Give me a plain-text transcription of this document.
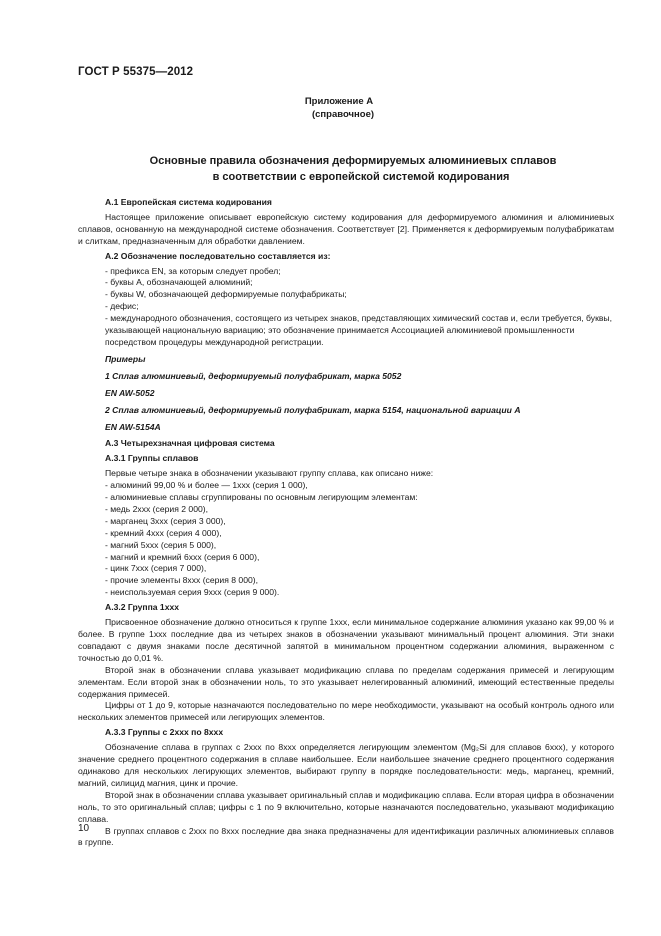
ГОСТ Р 55375—2012
Приложение А
(справочное)
Основные правила обозначения деформируемых алюминиевых сплавов
в соответствии с европейской системой кодирования

А.1 Европейская система кодирования

Настоящее приложение описывает европейскую систему кодирования для деформируемого алюминия и алюминиевых сплавов, основанную на международной системе обозначения. Соответствует [2]. Применяется к деформируемым полуфабрикатам и слиткам, предназначенным для обработки давлением.

А.2 Обозначение последовательно составляется из:

- префикса EN, за которым следует пробел;

- буквы А, обозначающей алюминий;

- буквы W, обозначающей деформируемые полуфабрикаты;

- дефис;

- международного обозначения, состоящего из четырех знаков, представляющих химический состав и, если требуется, буквы, указывающей национальную вариацию; это обозначение принимается Ассоциацией алюминиевой промышленности посредством процедуры международной регистрации.

Примеры

1 Сплав алюминиевый, деформируемый полуфабрикат, марка 5052

EN AW-5052

2 Сплав алюминиевый, деформируемый полуфабрикат, марка 5154, национальной вариации А

EN AW-5154A

А.3 Четырехзначная цифровая система

А.3.1 Группы сплавов

Первые четыре знака в обозначении указывают группу сплава, как описано ниже:

- алюминий 99,00 % и более — 1ххх (серия 1 000),

- алюминиевые сплавы сгруппированы по основным легирующим элементам:

- медь 2ххх (серия 2 000),

- марганец 3ххх (серия 3 000),

- кремний 4ххх (серия 4 000),

- магний 5ххх (серия 5 000),

- магний и кремний 6ххх (серия 6 000),

- цинк 7ххх (серия 7 000),

- прочие элементы 8ххх (серия 8 000),

- неиспользуемая серия 9ххх (серия 9 000).

А.3.2 Группа 1ххх

Присвоенное обозначение должно относиться к группе 1ххх, если минимальное содержание алюминия указано как 99,00 % и более. В группе 1ххх последние два из четырех знаков в обозначении указывают минимальный процент алюминия. Эти знаки совпадают с двумя знаками после десятичной запятой в минимальном процентном содержании алюминия, выраженном с точностью до 0,01 %.

Второй знак в обозначении сплава указывает модификацию сплава по пределам содержания примесей и легирующим элементам. Если второй знак в обозначении ноль, то это указывает нелегированный алюминий, имеющий естественные пределы содержания примесей.

Цифры от 1 до 9, которые назначаются последовательно по мере необходимости, указывают на особый контроль одного или нескольких элементов примесей или легирующих элементов.

А.3.3 Группы с 2ххх по 8ххх

Обозначение сплава в группах с 2ххх по 8ххх определяется легирующим элементом (Mg₂Si для сплавов 6ххх), у которого значение среднего процентного содержания в сплаве наибольшее. Если наибольшее значение среднего процентного содержания одинаково для нескольких легирующих элементов, выбирают группу в порядке последовательности: медь, марганец, кремний, магний, силицид магния, цинк и прочие.

Второй знак в обозначении сплава указывает оригинальный сплав и модификацию сплава. Если вторая цифра в обозначении ноль, то это оригинальный сплав; цифры с 1 по 9 включительно, которые назначаются последовательно, указывают модификацию сплава.

В группах сплавов с 2ххх по 8ххх последние два знака предназначены для идентификации различных алюминиевых сплавов в группе.

10
